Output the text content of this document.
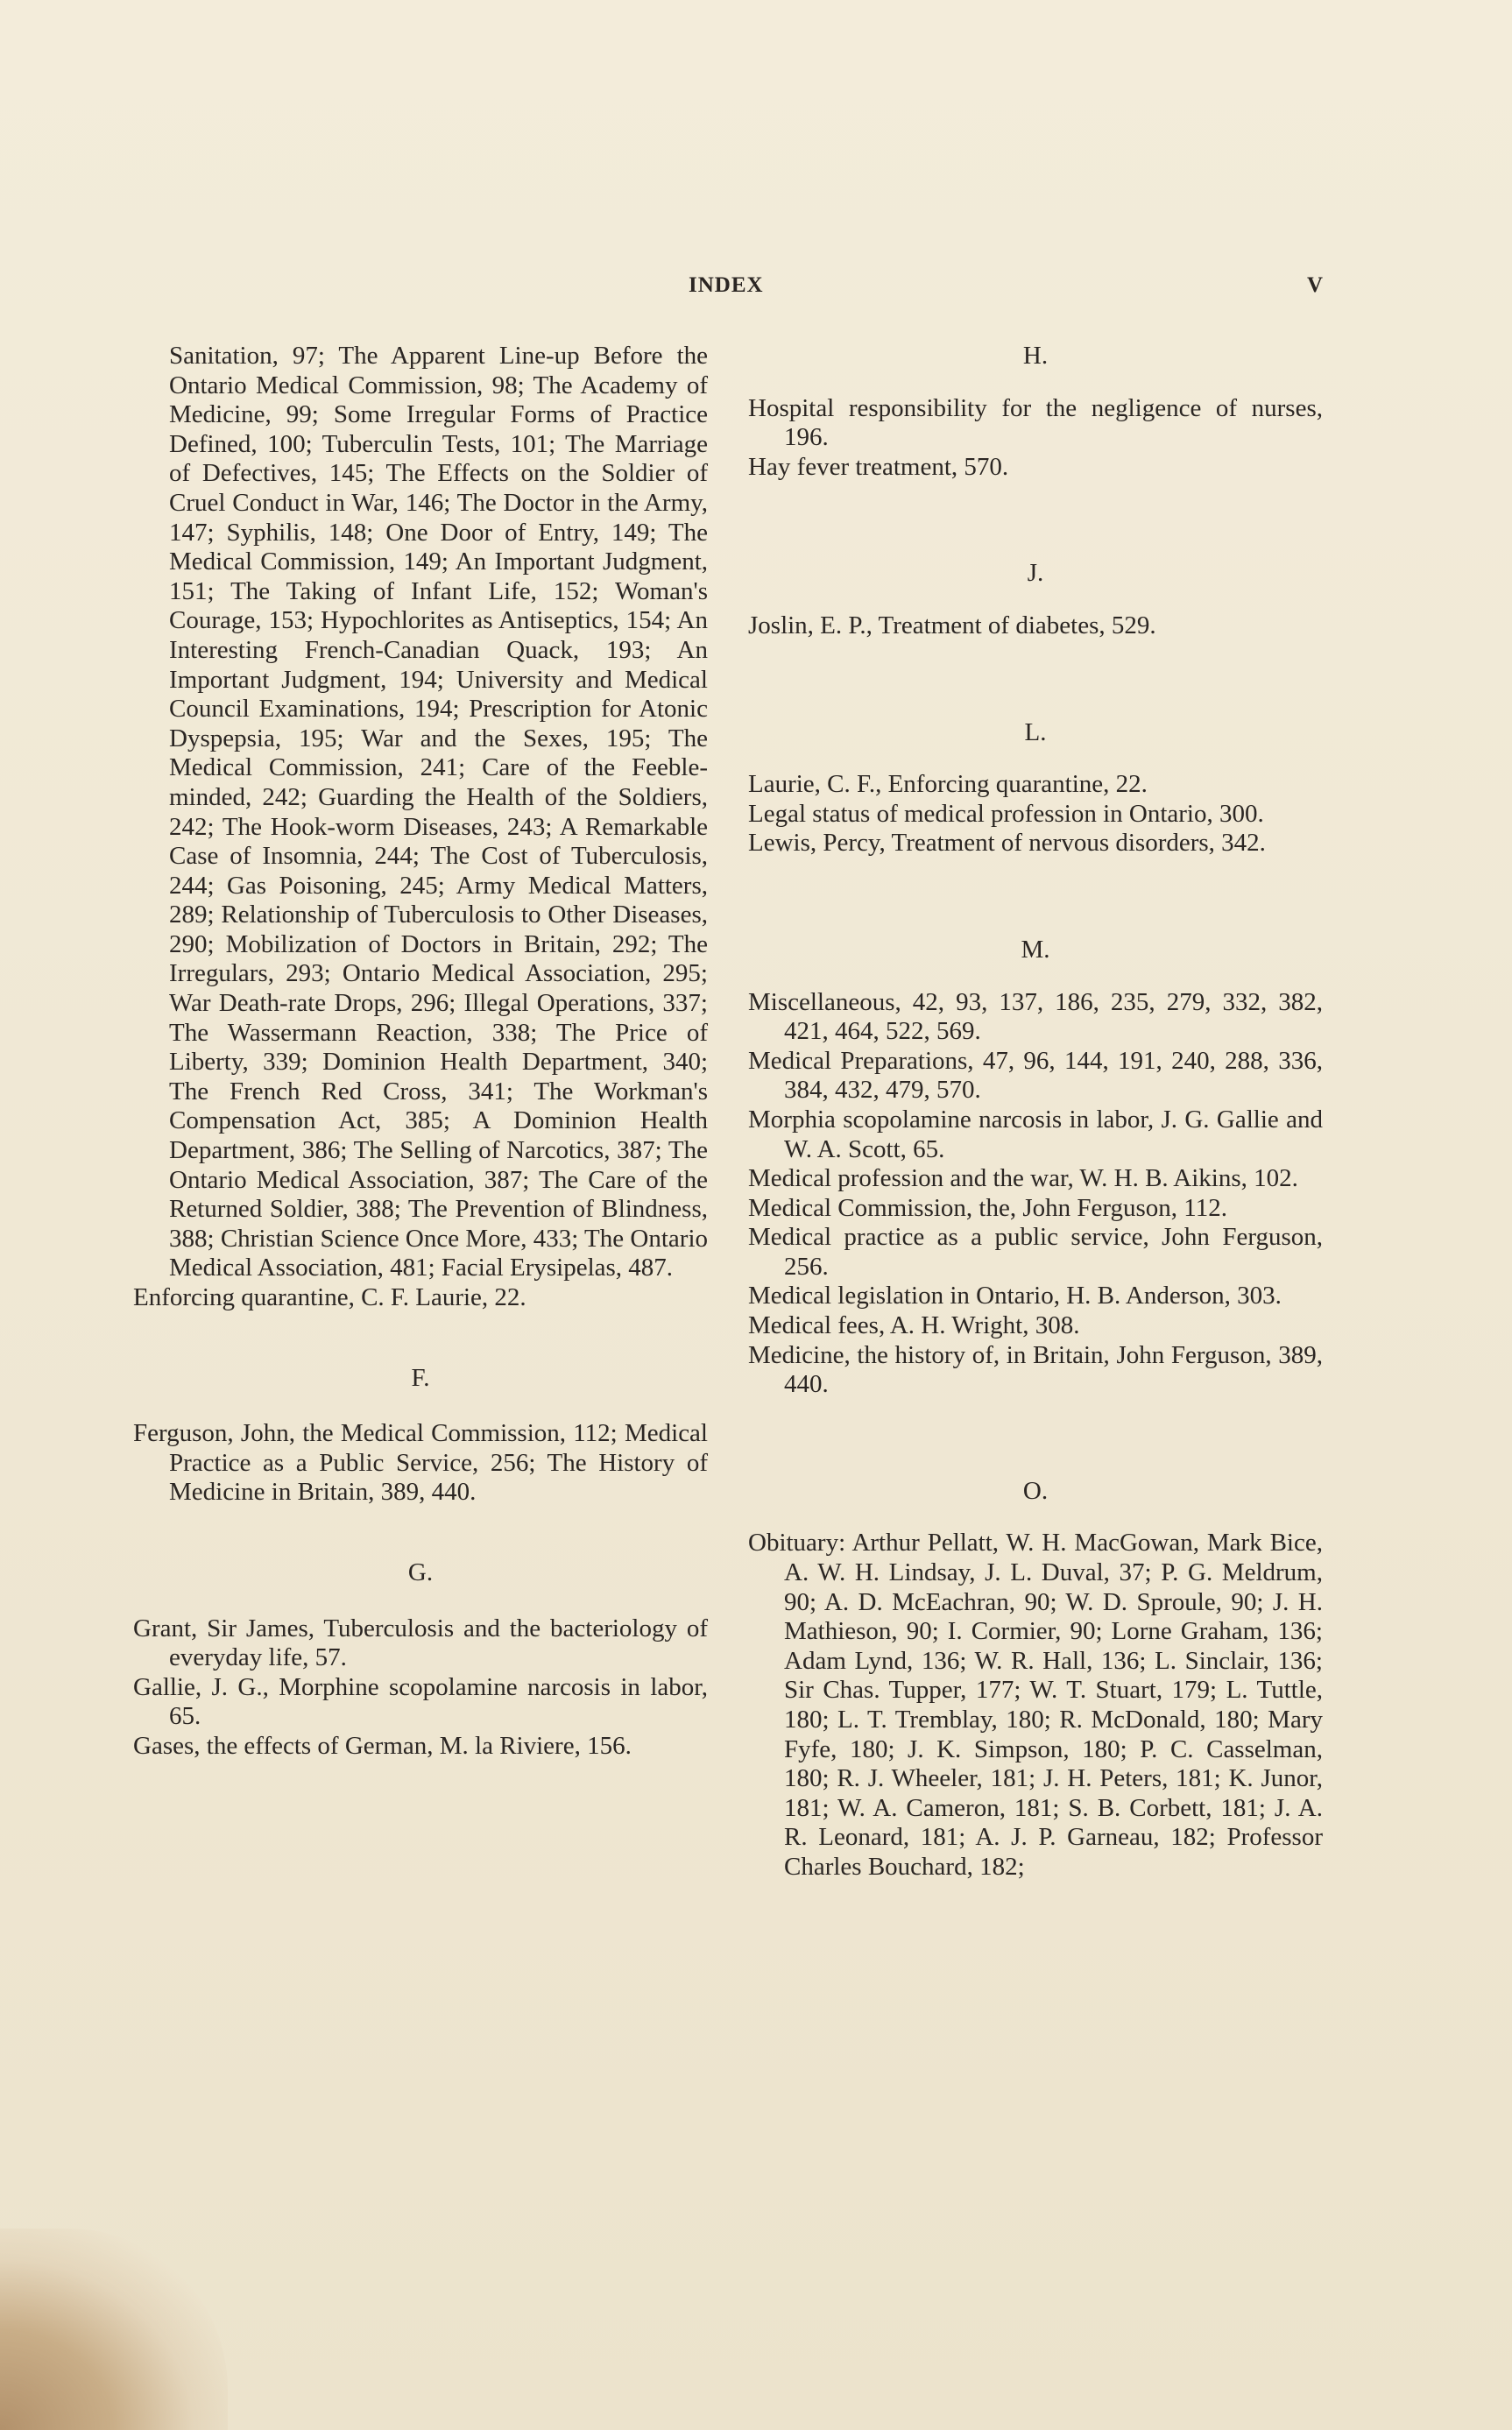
INDEX	V

Sanitation, 97; The Apparent Line-up Before the Ontario Medical Commission, 98; The Academy of Medicine, 99; Some Irregular Forms of Practice Defined, 100; Tuberculin Tests, 101; The Marriage of Defectives, 145; The Effects on the Soldier of Cruel Conduct in War, 146; The Doctor in the Army, 147; Syphilis, 148; One Door of Entry, 149; The Medical Commission, 149; An Important Judgment, 151; The Taking of Infant Life, 152; Woman's Courage, 153; Hypochlorites as Antiseptics, 154; An Interesting French-Canadian Quack, 193; An Important Judgment, 194; University and Medical Council Examinations, 194; Prescription for Atonic Dyspepsia, 195; War and the Sexes, 195; The Medical Commission, 241; Care of the Feeble-minded, 242; Guarding the Health of the Soldiers, 242; The Hook-worm Diseases, 243; A Remarkable Case of Insomnia, 244; The Cost of Tuberculosis, 244; Gas Poisoning, 245; Army Medical Matters, 289; Relationship of Tuberculosis to Other Diseases, 290; Mobilization of Doctors in Britain, 292; The Irregulars, 293; Ontario Medical Association, 295; War Death-rate Drops, 296; Illegal Operations, 337; The Wassermann Reaction, 338; The Price of Liberty, 339; Dominion Health Department, 340; The French Red Cross, 341; The Workman's Compensation Act, 385; A Dominion Health Department, 386; The Selling of Narcotics, 387; The Ontario Medical Association, 387; The Care of the Returned Soldier, 388; The Prevention of Blindness, 388; Christian Science Once More, 433; The Ontario Medical Association, 481; Facial Erysipelas, 487.

Enforcing quarantine, C. F. Laurie, 22.

F.

Ferguson, John, the Medical Commission, 112; Medical Practice as a Public Service, 256; The History of Medicine in Britain, 389, 440.

G.

Grant, Sir James, Tuberculosis and the bacteriology of everyday life, 57.

Gallie, J. G., Morphine scopolamine narcosis in labor, 65.

Gases, the effects of German, M. la Riviere, 156.

H.

Hospital responsibility for the negligence of nurses, 196.

Hay fever treatment, 570.

J.

Joslin, E. P., Treatment of diabetes, 529.

L.

Laurie, C. F., Enforcing quarantine, 22.

Legal status of medical profession in Ontario, 300.

Lewis, Percy, Treatment of nervous disorders, 342.

M.

Miscellaneous, 42, 93, 137, 186, 235, 279, 332, 382, 421, 464, 522, 569.

Medical Preparations, 47, 96, 144, 191, 240, 288, 336, 384, 432, 479, 570.

Morphia scopolamine narcosis in labor, J. G. Gallie and W. A. Scott, 65.

Medical profession and the war, W. H. B. Aikins, 102.

Medical Commission, the, John Ferguson, 112.

Medical practice as a public service, John Ferguson, 256.

Medical legislation in Ontario, H. B. Anderson, 303.

Medical fees, A. H. Wright, 308.

Medicine, the history of, in Britain, John Ferguson, 389, 440.

O.

Obituary: Arthur Pellatt, W. H. MacGowan, Mark Bice, A. W. H. Lindsay, J. L. Duval, 37; P. G. Meldrum, 90; A. D. McEachran, 90; W. D. Sproule, 90; J. H. Mathieson, 90; I. Cormier, 90; Lorne Graham, 136; Adam Lynd, 136; W. R. Hall, 136; L. Sinclair, 136; Sir Chas. Tupper, 177; W. T. Stuart, 179; L. Tuttle, 180; L. T. Tremblay, 180; R. McDonald, 180; Mary Fyfe, 180; J. K. Simpson, 180; P. C. Casselman, 180; R. J. Wheeler, 181; J. H. Peters, 181; K. Junor, 181; W. A. Cameron, 181; S. B. Corbett, 181; J. A. R. Leonard, 181; A. J. P. Garneau, 182; Professor Charles Bouchard, 182;
